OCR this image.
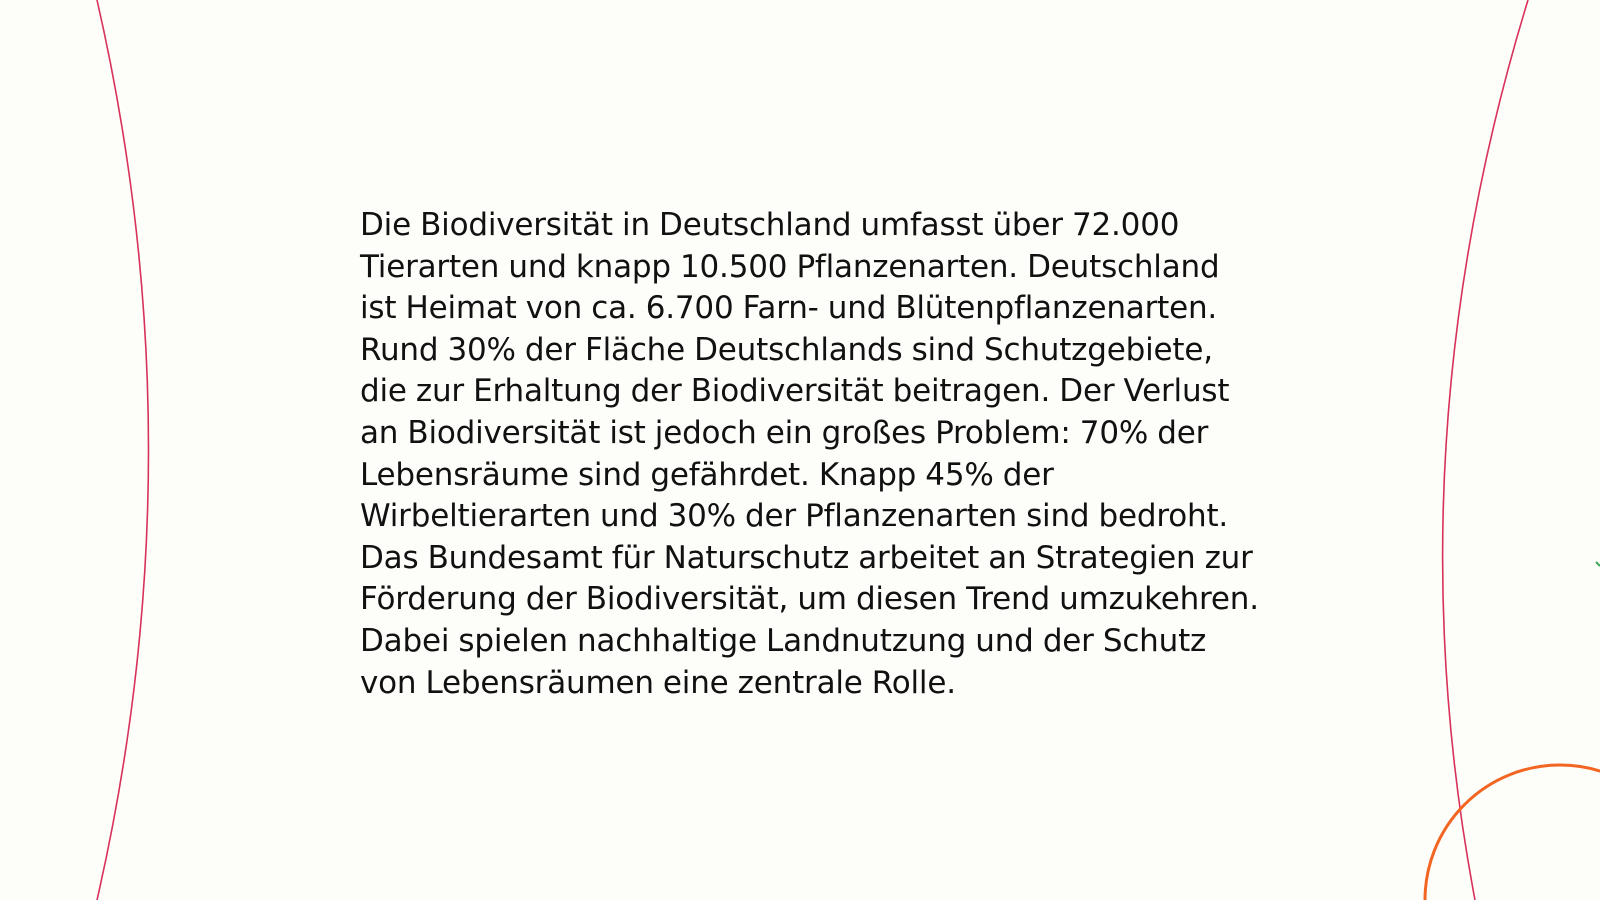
Die Biodiversität in Deutschland umfasst über 72.000 Tierarten und knapp 10.500 Pflanzenarten. Deutschland ist Heimat von ca. 6.700 Farn- und Blütenpflanzenarten. Rund 30% der Fläche Deutschlands sind Schutzgebiete, die zur Erhaltung der Biodiversität beitragen. Der Verlust an Biodiversität ist jedoch ein großes Problem: 70% der Lebensräume sind gefährdet. Knapp 45% der Wirbeltierarten und 30% der Pflanzenarten sind bedroht. Das Bundesamt für Naturschutz arbeitet an Strategien zur Förderung der Biodiversität, um diesen Trend umzukehren. Dabei spielen nachhaltige Landnutzung und der Schutz von Lebensräumen eine zentrale Rolle.
